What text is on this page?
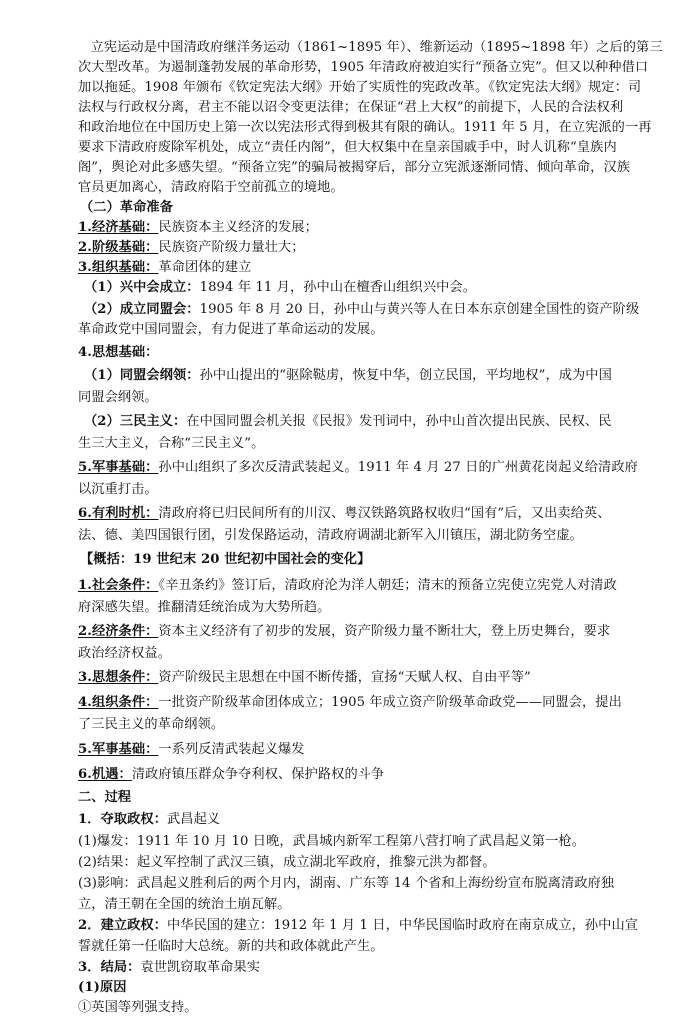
　　立宪运动是中国清政府继洋务运动（1861~1895 年）、维新运动（1895~1898 年）之后的第三
次大型改革。为遏制蓬勃发展的革命形势，1905 年清政府被迫实行“预备立宪”。但又以种种借口
加以拖延。1908 年颁布《钦定宪法大纲》开始了实质性的宪政改革。《钦定宪法大纲》规定：司
法权与行政权分离，君主不能以诏令变更法律；在保证“君上大权”的前提下，人民的合法权利
和政治地位在中国历史上第一次以宪法形式得到极其有限的确认。1911 年 5 月，在立宪派的一再
要求下清政府废除军机处，成立“责任内阁”，但大权集中在皇亲国戚手中，时人讥称“皇族内
阁”，舆论对此多感失望。“预备立宪”的骗局被揭穿后，部分立宪派逐渐同情、倾向革命，汉族
官员更加离心，清政府陷于空前孤立的境地。
（二）革命准备
1.经济基础：民族资本主义经济的发展；
2.阶级基础：民族资产阶级力量壮大；
3.组织基础：革命团体的建立
（1）兴中会成立：1894 年 11 月，孙中山在檀香山组织兴中会。
（2）成立同盟会：1905 年 8 月 20 日，孙中山与黄兴等人在日本东京创建全国性的资产阶级
革命政党中国同盟会，有力促进了革命运动的发展。
4.思想基础：
（1）同盟会纲领：孙中山提出的“驱除鞑虏，恢复中华，创立民国，平均地权”，成为中国
同盟会纲领。
（2）三民主义：在中国同盟会机关报《民报》发刊词中，孙中山首次提出民族、民权、民
生三大主义，合称“三民主义”。
5.军事基础：孙中山组织了多次反清武装起义。1911 年 4 月 27 日的广州黄花岗起义给清政府
以沉重打击。
6.有利时机：清政府将已归民间所有的川汉、粤汉铁路筑路权收归“国有”后，又出卖给英、
法、德、美四国银行团，引发保路运动，清政府调湖北新军入川镇压，湖北防务空虚。
【概括：19 世纪末 20 世纪初中国社会的变化】
1.社会条件：《辛丑条约》签订后，清政府沦为洋人朝廷；清末的预备立宪使立宪党人对清政
府深感失望。推翻清廷统治成为大势所趋。
2.经济条件：资本主义经济有了初步的发展，资产阶级力量不断壮大，登上历史舞台，要求
政治经济权益。
3.思想条件：资产阶级民主思想在中国不断传播，宣扬“天赋人权、自由平等”
4.组织条件：一批资产阶级革命团体成立；1905 年成立资产阶级革命政党——同盟会，提出
了三民主义的革命纲领。
5.军事基础：一系列反清武装起义爆发
6.机遇：清政府镇压群众争夺利权、保护路权的斗争
二、过程
1．夺取政权：武昌起义
(1)爆发：1911 年 10 月 10 日晚，武昌城内新军工程第八营打响了武昌起义第一枪。
(2)结果：起义军控制了武汉三镇，成立湖北军政府，推黎元洪为都督。
(3)影响：武昌起义胜利后的两个月内，湖南、广东等 14 个省和上海纷纷宣布脱离清政府独
立，清王朝在全国的统治土崩瓦解。
2．建立政权：中华民国的建立：1912 年 1 月 1 日，中华民国临时政府在南京成立，孙中山宣
誓就任第一任临时大总统。新的共和政体就此产生。
3．结局：袁世凯窃取革命果实
(1)原因
①英国等列强支持。
